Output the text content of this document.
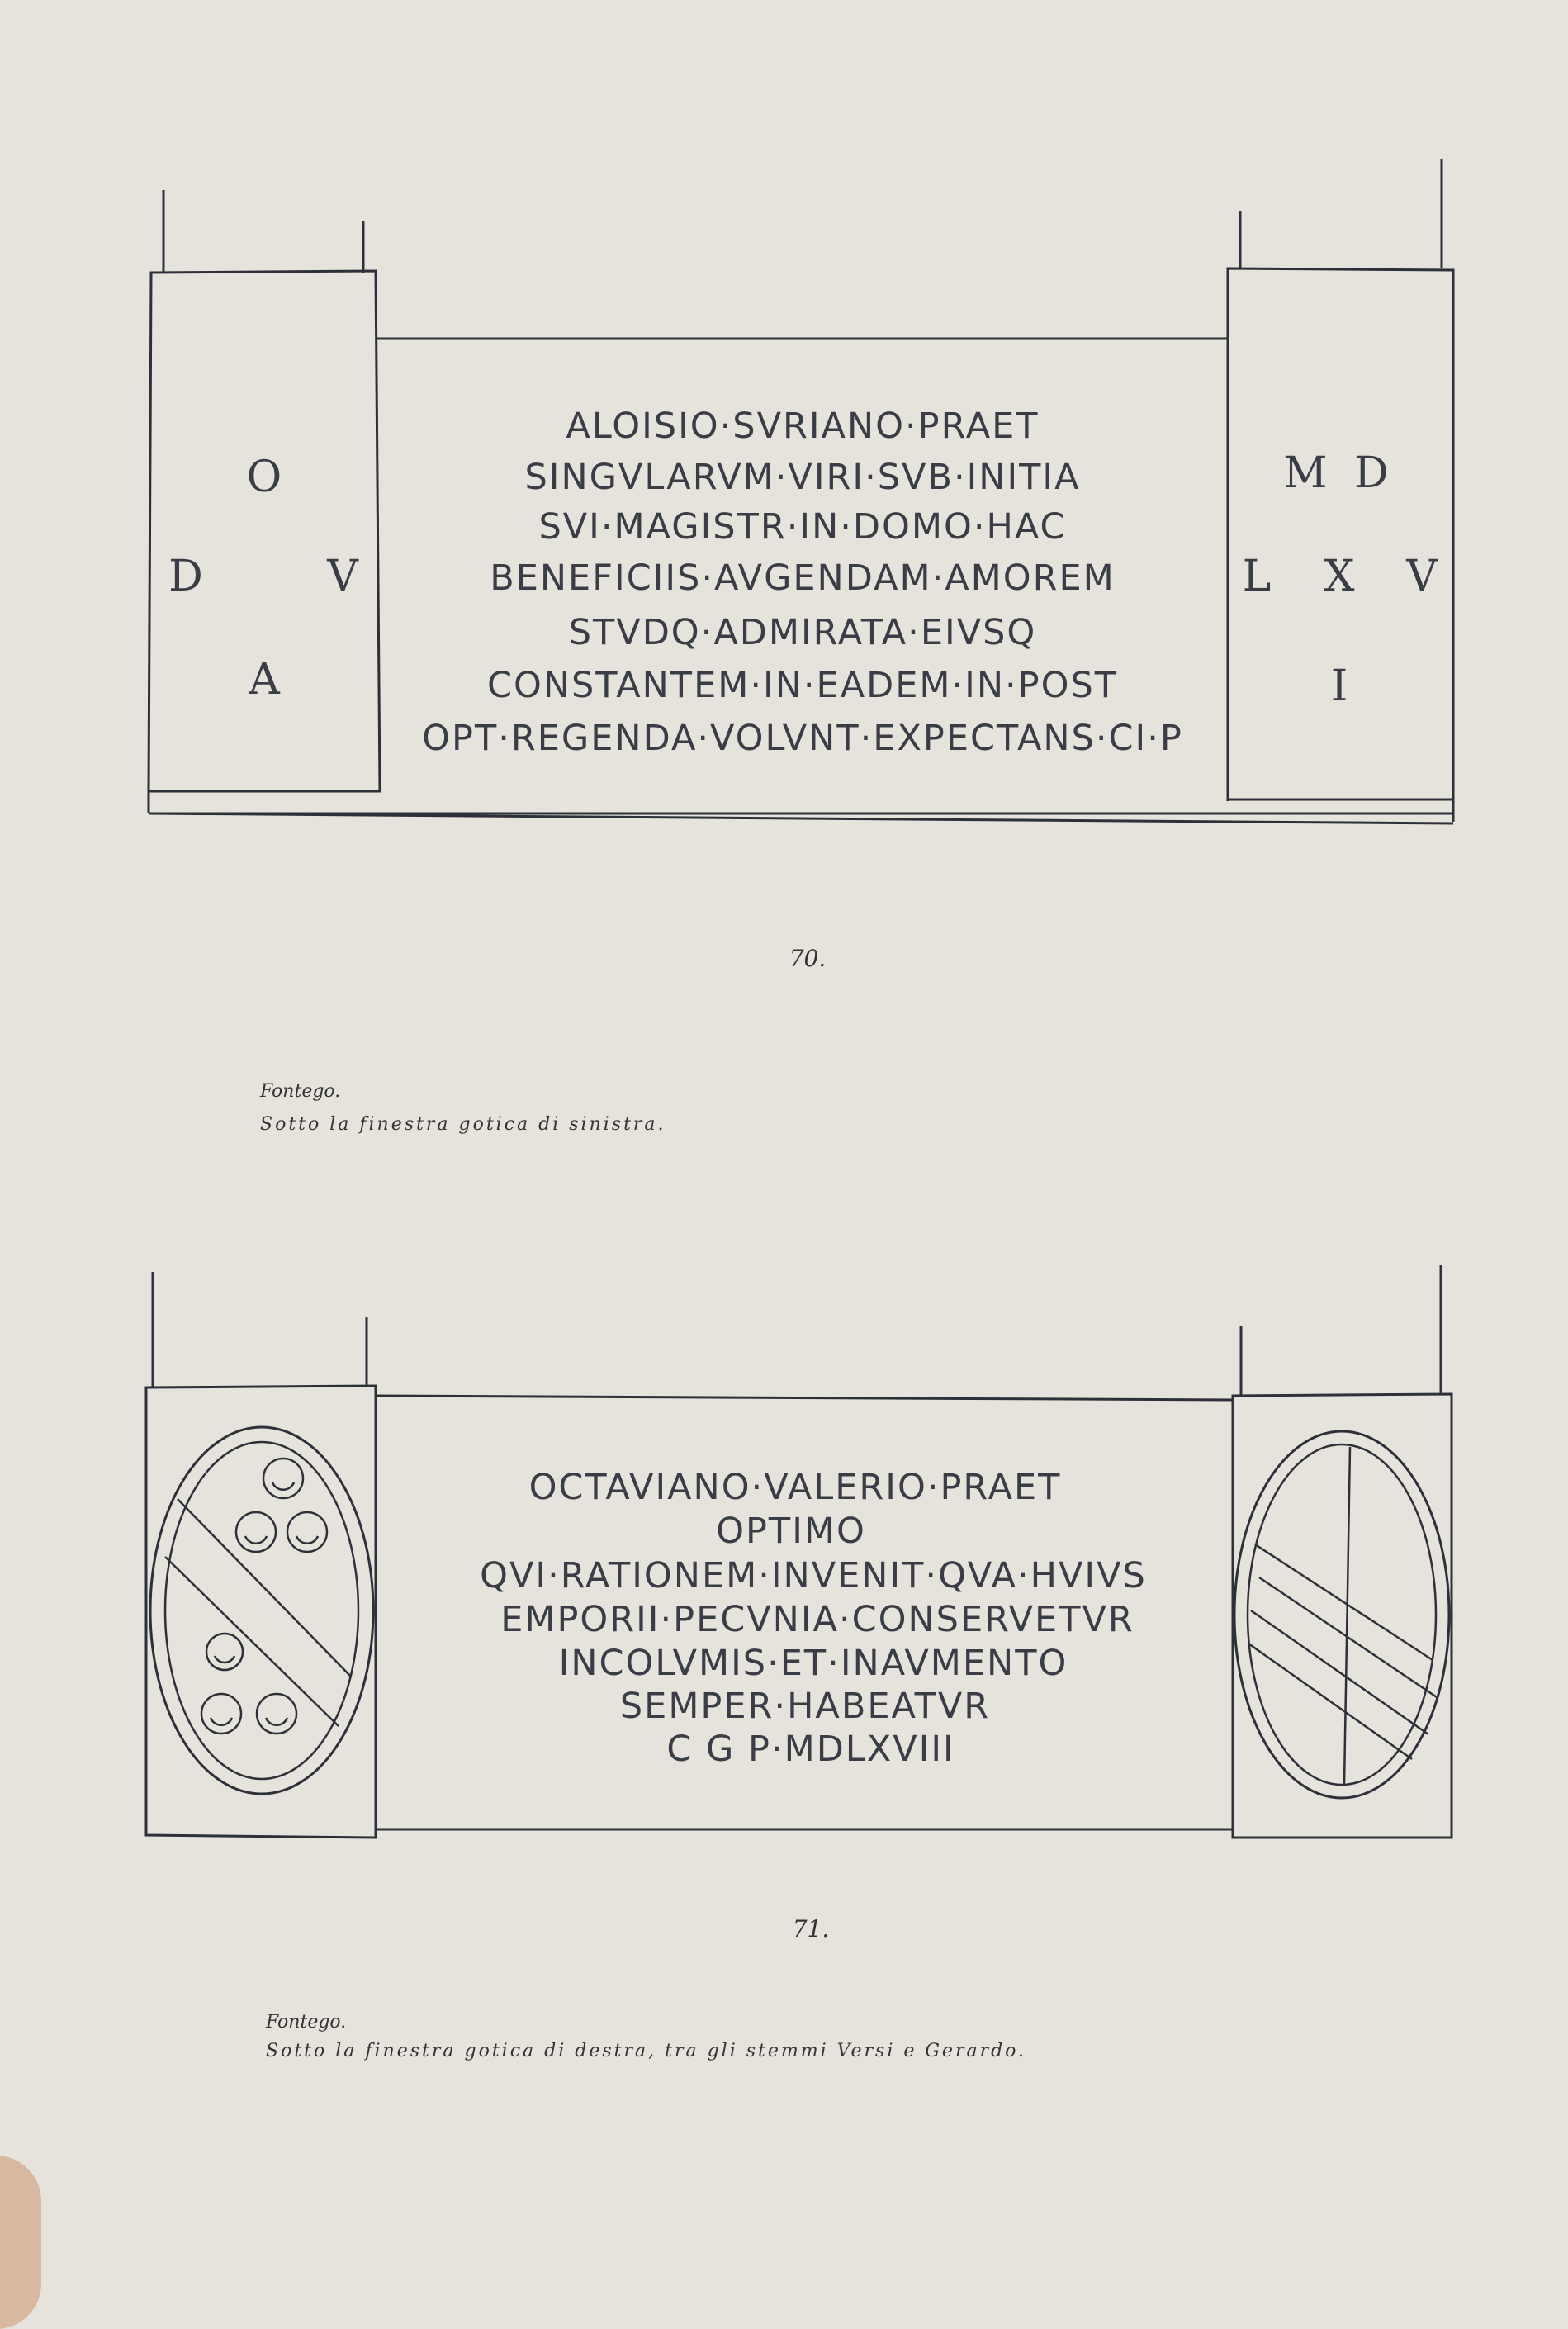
O
D	V
A
M D
L X V
I
ALOISIO·SVRIANO·PRAET
SINGVLARVM·VIRI·SVB·INITIA
SVI·MAGISTR·IN·DOMO·HAC
BENEFICIIS·AVGENDAM·AMOREM
STVDQ·ADMIRATA·EIVSQ
CONSTANTEM·IN·EADEM·IN·POST
OPT·REGENDA·VOLVNT·EXPECTANS·CI·P
70.
Fontego.
Sotto la finestra gotica di sinistra.
OCTAVIANO·VALERIO·PRAET
OPTIMO
QVI·RATIONEM·INVENIT·QVA·HVIVS
EMPORII·PECVNIA·CONSERVETVR
INCOLVMIS·ET·INAVMENTO
SEMPER·HABEATVR
C G P·MDLXVIII
71.
Fontego.
Sotto la finestra gotica di destra, tra gli stemmi Versi e Gerardo.
